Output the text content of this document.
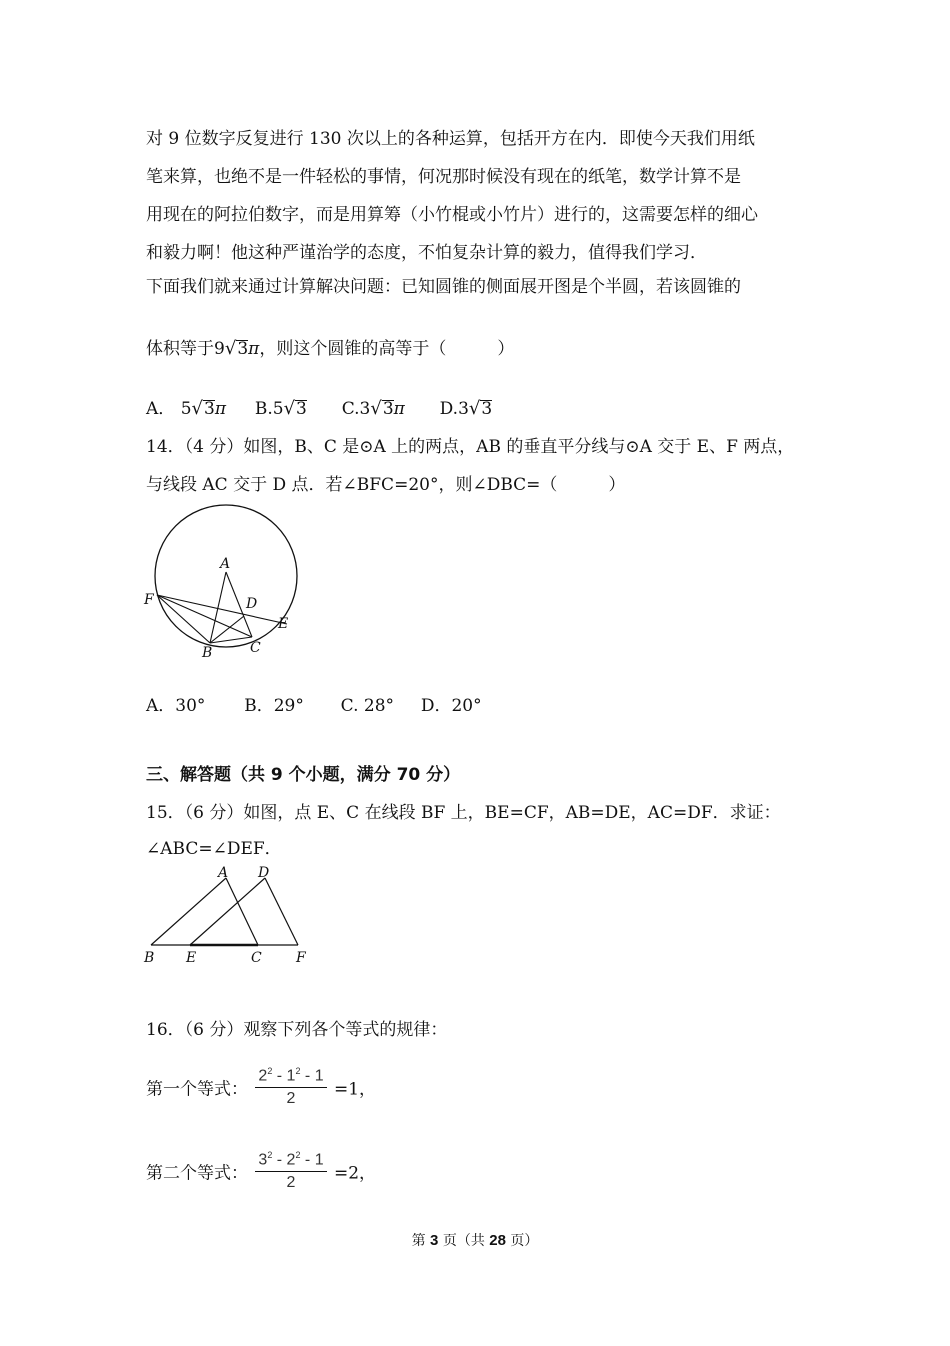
对 9 位数字反复进行 130 次以上的各种运算，包括开方在内．即使今天我们用纸
笔来算，也绝不是一件轻松的事情，何况那时候没有现在的纸笔，数学计算不是
用现在的阿拉伯数字，而是用算筹（小竹棍或小竹片）进行的，这需要怎样的细心
和毅力啊！他这种严谨治学的态度，不怕复杂计算的毅力，值得我们学习．
下面我们就来通过计算解决问题：已知圆锥的侧面展开图是个半圆，若该圆锥的
体积等于9√3π，则这个圆锥的高等于（　　　）
A． 5√3π B.5√3 C.3√3π D.3√3
14．（4 分）如图，B、C 是⊙A 上的两点，AB 的垂直平分线与⊙A 交于 E、F 两点，
与线段 AC 交于 D 点．若∠BFC=20°，则∠DBC=（　　　）
A
D
F
E
B	C
A．30° B．29° C. 28° D．20°
三、解答题（共 9 个小题，满分 70 分）
15．（6 分）如图，点 E、C 在线段 BF 上，BE=CF，AB=DE，AC=DF．求证：
∠ABC=∠DEF．
A D
B E	C F
16．（6 分）观察下列各个等式的规律：
第一个等式： $\frac{2^2 - 1^2 - 1}{2} =1$，
第二个等式： $\frac{3^2 - 2^2 - 1}{2} =2$，
第 3 页（共 28 页）
